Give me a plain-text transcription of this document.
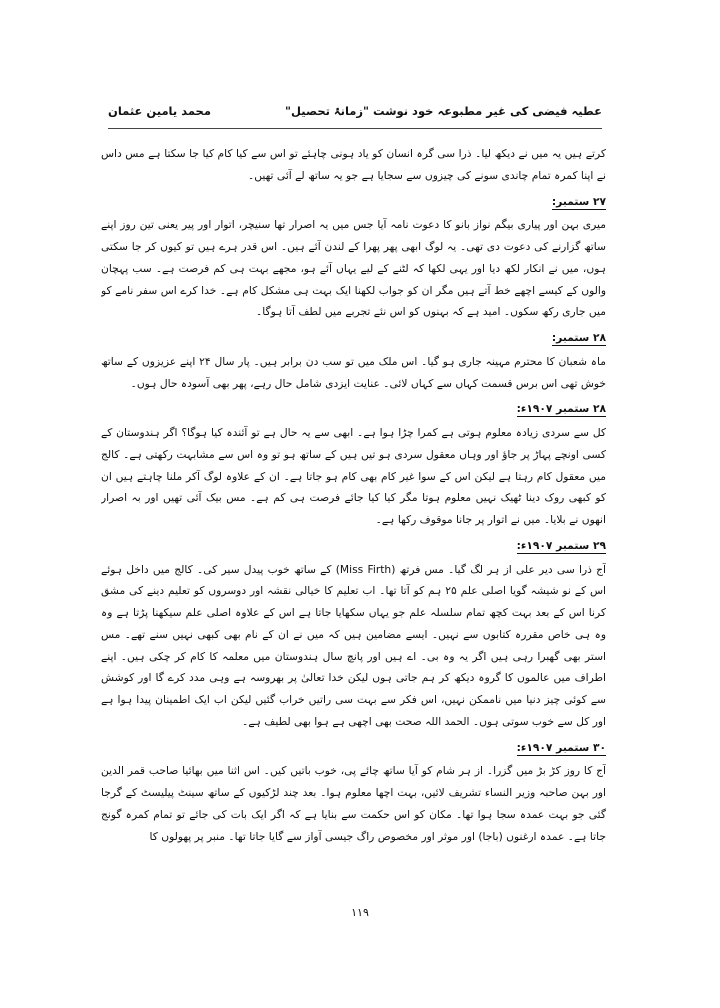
عطیہ فیضی کی غیر مطبوعہ خود نوشت "زمانۂ تحصیل"
محمد یامین عثمان

کرتے ہیں یہ میں نے دیکھ لیا۔ ذرا سی گرہ انسان کو یاد ہونی چاہئے تو اس سے کیا کام کیا جا سکتا ہے مس داس نے اپنا کمرہ تمام چاندی سونے کی چیزوں سے سجایا ہے جو یہ ساتھ لے آئی تھیں۔

۲۷ ستمبر:

میری بہن اور پیاری بیگم نواز بانو کا دعوت نامہ آیا جس میں یہ اصرار تھا سنیچر، اتوار اور پیر یعنی تین روز اپنے ساتھ گزارنے کی دعوت دی تھی۔ یہ لوگ ابھی پھر پھرا کے لندن آئے ہیں۔ اس قدر ہرے ہیں تو کیوں کر جا سکتی ہوں، میں نے انکار لکھ دیا اور یہی لکھا کہ لٹنے کے لیے یہاں آئے ہو، مجھے بہت ہی کم فرصت ہے۔ سب پہچان والوں کے کیسے اچھے خط آتے ہیں مگر ان کو جواب لکھنا ایک بہت ہی مشکل کام ہے۔ خدا کرے اس سفر نامے کو میں جاری رکھ سکوں۔ امید ہے کہ بہنوں کو اس نئے تجربے میں لطف آتا ہوگا۔

۲۸ ستمبر:

ماہ شعبان کا محترم مہینہ جاری ہو گیا۔ اس ملک میں تو سب دن برابر ہیں۔ پار سال ۲۴ اپنے عزیزوں کے ساتھ خوش تھی اس برس قسمت کہاں سے کہاں لائی۔ عنایت ایزدی شامل حال رہے، پھر بھی آسودہ حال ہوں۔

۲۸ ستمبر ۱۹۰۷ء:

کل سے سردی زیادہ معلوم ہوتی ہے کمرا چڑا ہوا ہے۔ ابھی سے یہ حال ہے تو آئندہ کیا ہوگا؟ اگر ہندوستان کے کسی اونچے پہاڑ پر جاؤ اور وہاں معقول سردی ہو تیں ہیں کے ساتھ ہو تو وہ اس سے مشابہت رکھتی ہے۔ کالج میں معقول کام رہتا ہے لیکن اس کے سوا غیر کام بھی کام ہو جاتا ہے۔ ان کے علاوہ لوگ آکر ملنا چاہتے ہیں ان کو کبھی روک دینا ٹھیک نہیں معلوم ہوتا مگر کیا کیا جائے فرصت ہی کم ہے۔ مس بیک آئی تھیں اور بہ اصرار انھوں نے بلایا۔ میں نے اتوار پر جانا موقوف رکھا ہے۔

۲۹ ستمبر ۱۹۰۷ء:

آج ذرا سی دیر علی از ہر لگ گیا۔ مس فرتھ (Miss Firth) کے ساتھ خوب پیدل سیر کی۔ کالج میں داخل ہوئے اس کے نو شیشہ گویا اصلی علم ۲۵ ہم کو آتا تھا۔ اب تعلیم کا خیالی نقشہ اور دوسروں کو تعلیم دینے کی مشق کرنا اس کے بعد بہت کچھ تمام سلسلہ علم جو یہاں سکھایا جاتا ہے اس کے علاوہ اصلی علم سیکھنا پڑتا ہے وہ وہ ہی خاص مقررہ کتابوں سے نہیں۔ ایسے مضامین ہیں کہ میں نے ان کے نام بھی کبھی نہیں سنے تھے۔ مس استر بھی گھبرا رہی ہیں اگر یہ وہ بی۔ اے ہیں اور پانچ سال ہندوستان میں معلمہ کا کام کر چکی ہیں۔ اپنے اطراف میں عالموں کا گروہ دیکھ کر ہم جاتی ہوں لیکن خدا تعالیٰ پر بھروسہ ہے وہی مدد کرے گا اور کوشش سے کوئی چیز دنیا میں ناممکن نہیں، اس فکر سے بہت سی راتیں خراب گئیں لیکن اب ایک اطمینان پیدا ہوا ہے اور کل سے خوب سوتی ہوں۔ الحمد اللہ صحت بھی اچھی ہے ہوا بھی لطیف ہے۔

۳۰ ستمبر ۱۹۰۷ء:

آج کا روز کڑ بڑ میں گزرا۔ از ہر شام کو آیا ساتھ چائے پی، خوب باتیں کیں۔ اس اثنا میں بھائیا صاحب قمر الدین اور بہن صاحبہ وزیر النساء تشریف لائیں، بہت اچھا معلوم ہوا۔ بعد چند لڑکیوں کے ساتھ سینٹ پیلیسٹ کے گرجا گئی جو بہت عمدہ سجا ہوا تھا۔ مکان کو اس حکمت سے بنایا ہے کہ اگر ایک بات کی جائے تو تمام کمرہ گونج جاتا ہے۔ عمدہ ارغنوں (باجا) اور موثر اور مخصوص راگ جیسی آواز سے گایا جاتا تھا۔ منبر پر پھولوں کا

۱۱۹
